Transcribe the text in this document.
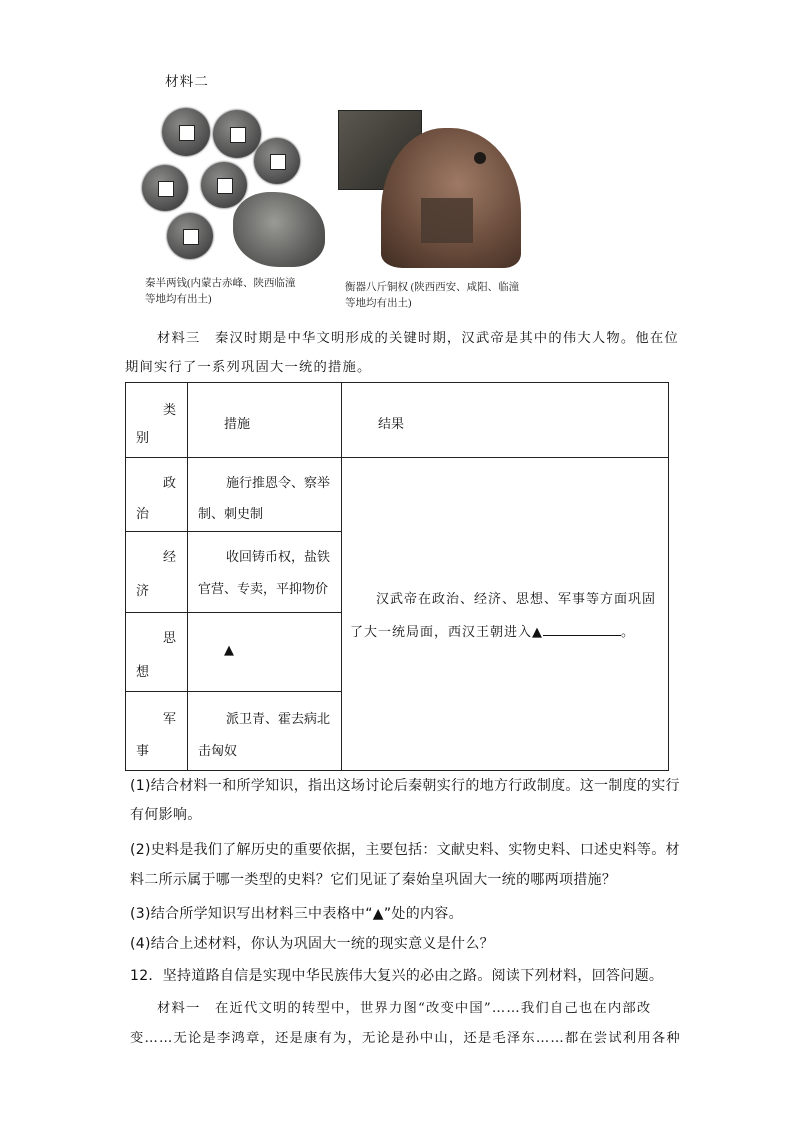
材料二
秦半两钱(内蒙古赤峰、陕西临潼
等地均有出土)
衡器八斤铜权 (陕西西安、咸阳、临潼
等地均有出土)
材料三　秦汉时期是中华文明形成的关键时期，汉武帝是其中的伟大人物。他在位
期间实行了一系列巩固大一统的措施。
类
别	措施	结果

政
治	施行推恩令、察举
制、刺史制	汉武帝在政治、经济、思想、军事等方面巩固
了大一统局面，西汉王朝进入▲ 。

经
济	收回铸币权，盐铁
官营、专卖，平抑物价	

思
想	▲	

军
事	派卫青、霍去病北
击匈奴	
(1)结合材料一和所学知识，指出这场讨论后秦朝实行的地方行政制度。这一制度的实行
有何影响。
(2)史料是我们了解历史的重要依据，主要包括：文献史料、实物史料、口述史料等。材
料二所示属于哪一类型的史料？它们见证了秦始皇巩固大一统的哪两项措施？
(3)结合所学知识写出材料三中表格中“▲”处的内容。
(4)结合上述材料，你认为巩固大一统的现实意义是什么？
12．坚持道路自信是实现中华民族伟大复兴的必由之路。阅读下列材料，回答问题。
材料一　在近代文明的转型中，世界力图“改变中国”……我们自己也在内部改
变……无论是李鸿章，还是康有为，无论是孙中山，还是毛泽东……都在尝试利用各种
